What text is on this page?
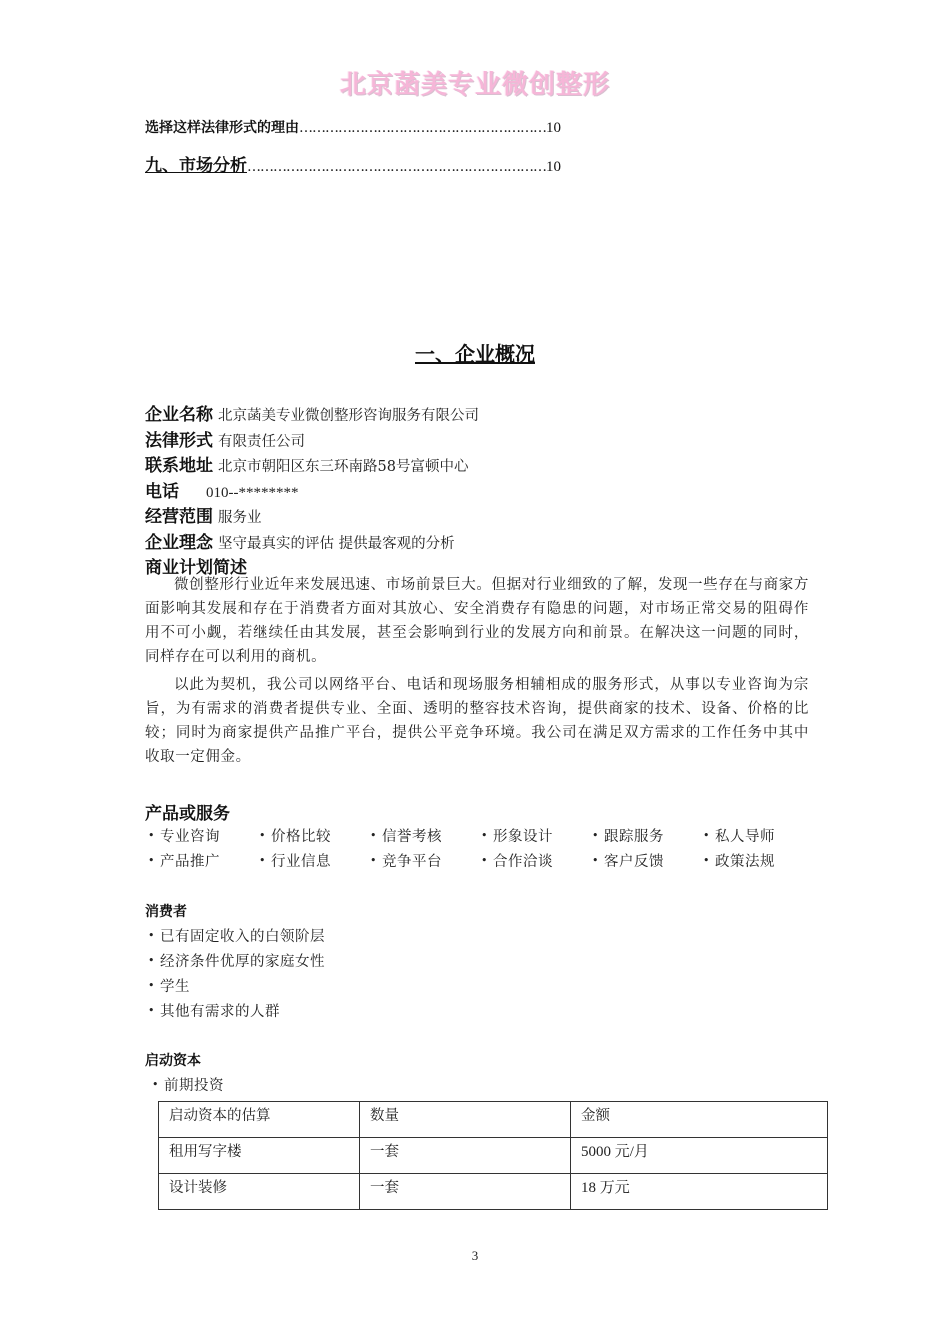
北京菡美专业微创整形
选择这样法律形式的理由 ………………………………………………… 10
九、市场分析 …………………………………………………………… 10
一、企业概况
企业名称 北京菡美专业微创整形咨询服务有限公司
法律形式 有限责任公司
联系地址 北京市朝阳区东三环南路58号富顿中心
电话 010--********
经营范围 服务业
企业理念 坚守最真实的评估 提供最客观的分析
商业计划简述

微创整形行业近年来发展迅速、市场前景巨大。但据对行业细致的了解，发现一些存在与商家方面影响其发展和存在于消费者方面对其放心、安全消费存有隐患的问题，对市场正常交易的阻碍作用不可小觑，若继续任由其发展，甚至会影响到行业的发展方向和前景。在解决这一问题的同时，同样存在可以利用的商机。

以此为契机，我公司以网络平台、电话和现场服务相辅相成的服务形式，从事以专业咨询为宗旨，为有需求的消费者提供专业、全面、透明的整容技术咨询，提供商家的技术、设备、价格的比较；同时为商家提供产品推广平台，提供公平竞争环境。我公司在满足双方需求的工作任务中其中收取一定佣金。

产品或服务
• 专业咨询	• 价格比较	• 信誉考核	• 形象设计	• 跟踪服务	• 私人导师
• 产品推广	• 行业信息	• 竞争平台	• 合作洽谈	• 客户反馈	• 政策法规
消费者
• 已有固定收入的白领阶层
• 经济条件优厚的家庭女性
• 学生
• 其他有需求的人群
启动资本
• 前期投资
启动资本的估算	数量	金额
租用写字楼	一套	5000 元/月
设计装修	一套	18 万元
3
